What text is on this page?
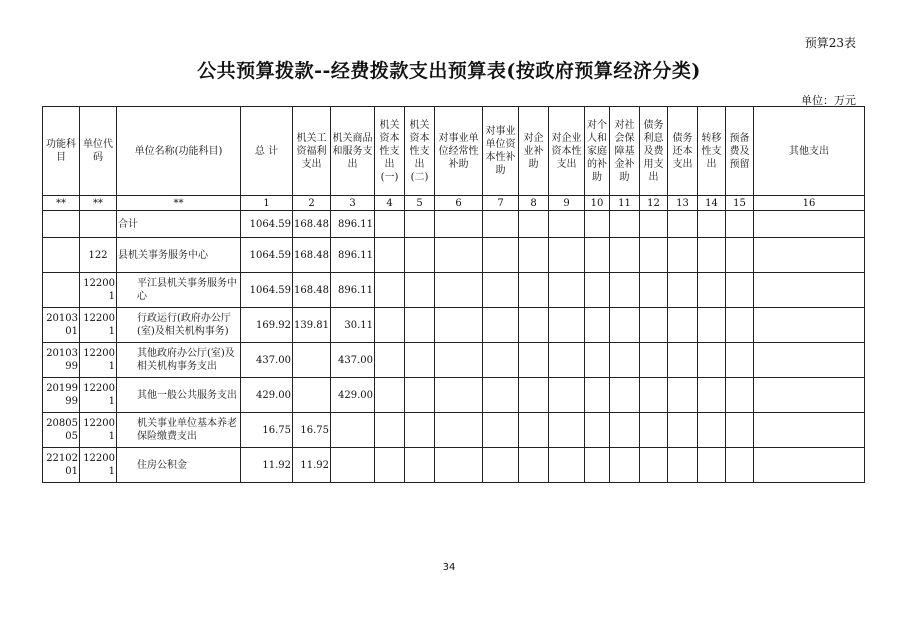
预算23表
公共预算拨款--经费拨款支出预算表(按政府预算经济分类)
单位：万元
功能科目	单位代码	单位名称(功能科目)	总 计	机关工资福利支出	机关商品和服务支出	机关资本性支出(一)	机关资本性支出(二)	对事业单位经常性补助	对事业单位资本性补助	对企业补助	对企业资本性支出	对个人和家庭的补助	对社会保障基金补助	债务利息及费用支出	债务还本支出	转移性支出	预备费及预留	其他支出
**	**	**	1	2	3	4	5	6	7	8	9	10	11	12	13	14	15	16
		合计	1064.59	168.48	896.11													
	122	县机关事务服务中心	1064.59	168.48	896.11													
	122001	平江县机关事务服务中心	1064.59	168.48	896.11													
2010301	122001	行政运行(政府办公厅(室)及相关机构事务)	169.92	139.81	30.11													
2010399	122001	其他政府办公厅(室)及相关机构事务支出	437.00		437.00													
2019999	122001	其他一般公共服务支出	429.00		429.00													
2080505	122001	机关事业单位基本养老保险缴费支出	16.75	16.75														
2210201	122001	住房公积金	11.92	11.92														
34
